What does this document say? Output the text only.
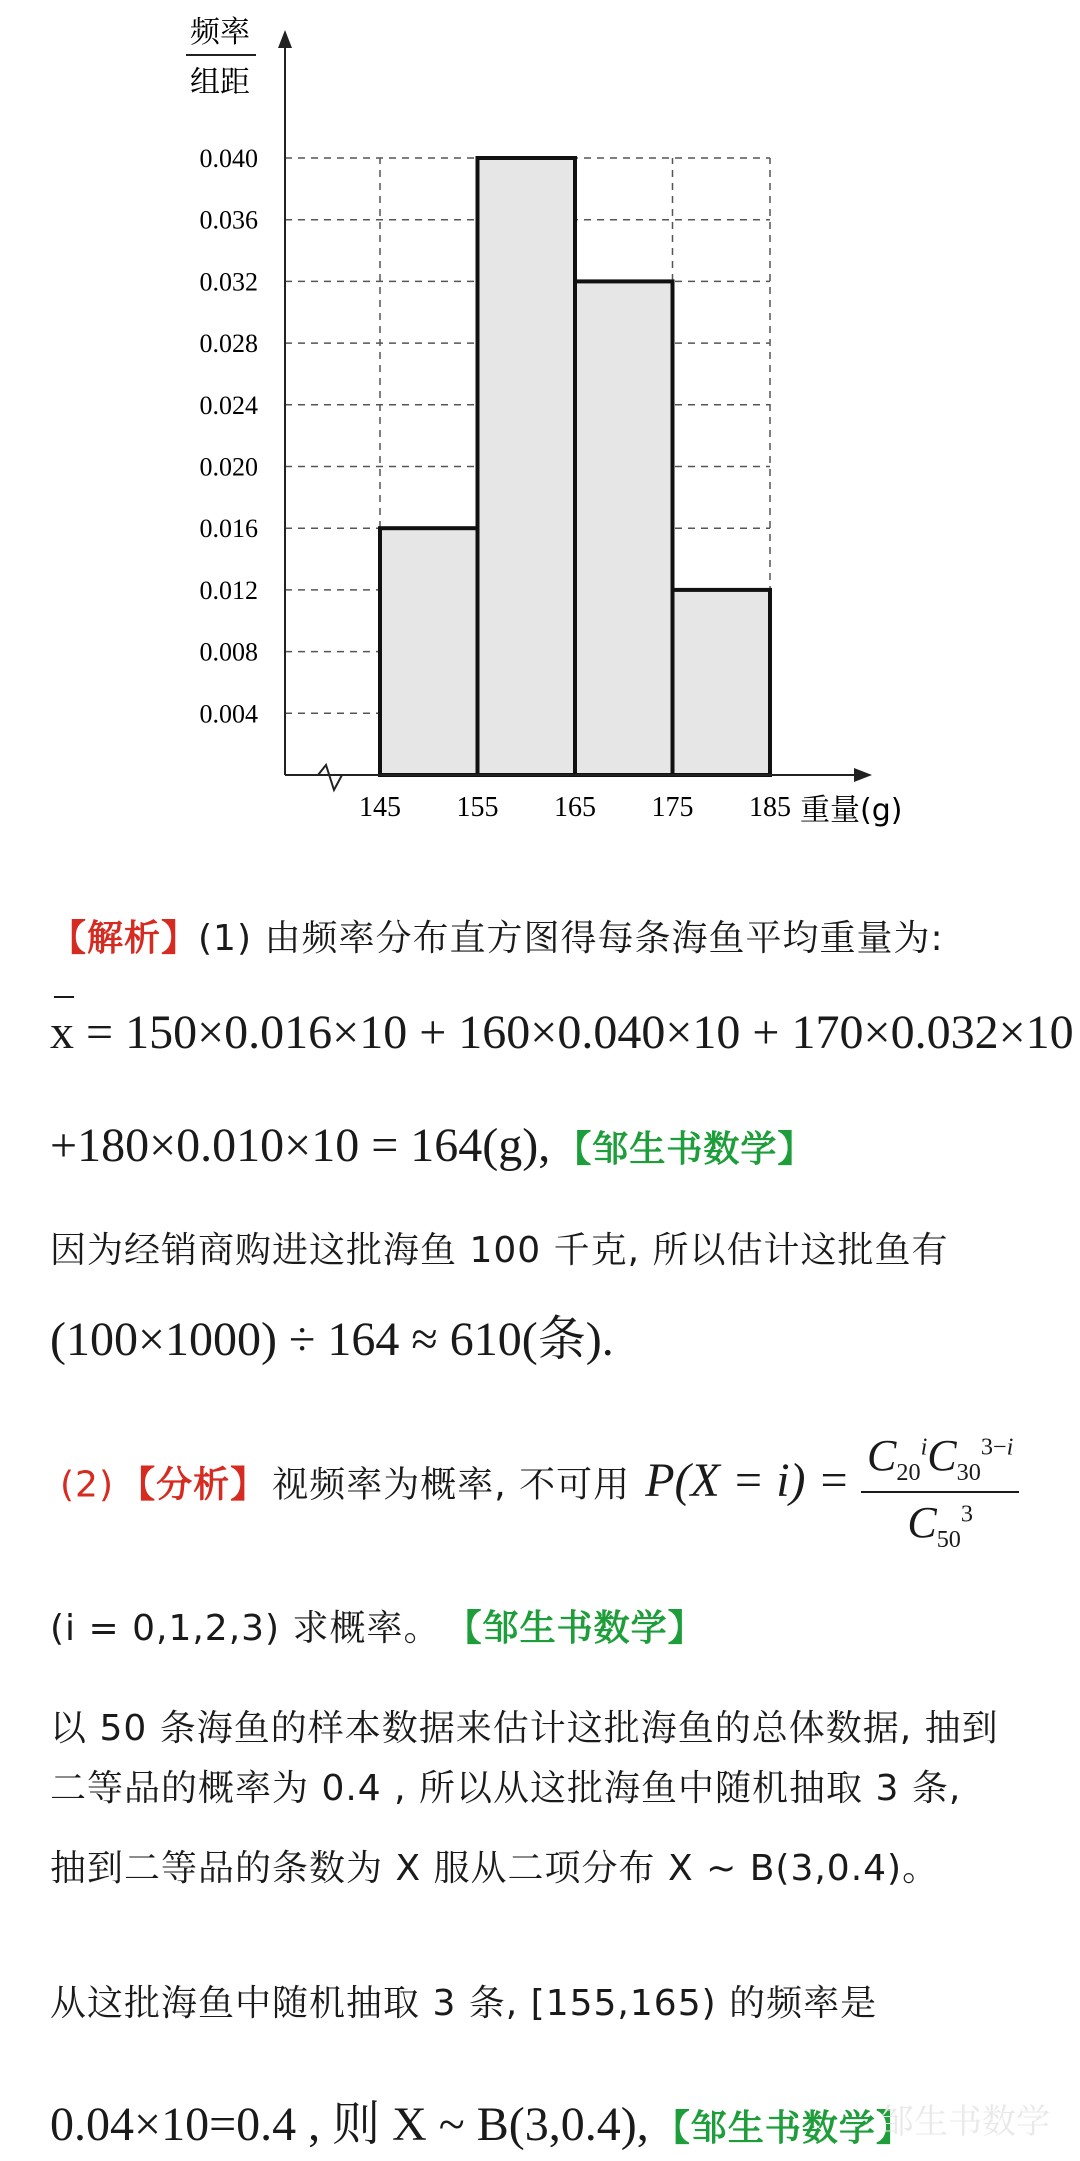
0.004
0.008
0.012
0.016
0.020
0.024
0.028
0.032
0.036
0.040
145 155 165 175 185
频率
组距
重量(g)
【解析】(1) 由频率分布直方图得每条海鱼平均重量为:
x = 150×0.016×10 + 160×0.040×10 + 170×0.032×10
+180×0.010×10 = 164(g), 【邹生书数学】
因为经销商购进这批海鱼 100 千克, 所以估计这批鱼有
(100×1000) ÷ 164 ≈ 610(条).
(2) 【分析】 视频率为概率, 不可用 $P(X = i) = \frac{C_{20}^iC_{30}^{3-i}}{C_{50}^3}$
(i = 0,1,2,3) 求概率。 【邹生书数学】
以 50 条海鱼的样本数据来估计这批海鱼的总体数据, 抽到
二等品的概率为 0.4 , 所以从这批海鱼中随机抽取 3 条,
抽到二等品的条数为 X 服从二项分布 X ~ B(3,0.4)。
从这批海鱼中随机抽取 3 条, [155,165) 的频率是
0.04×10=0.4 , 则 X ~ B(3,0.4), 【邹生书数学】
邹生书数学
